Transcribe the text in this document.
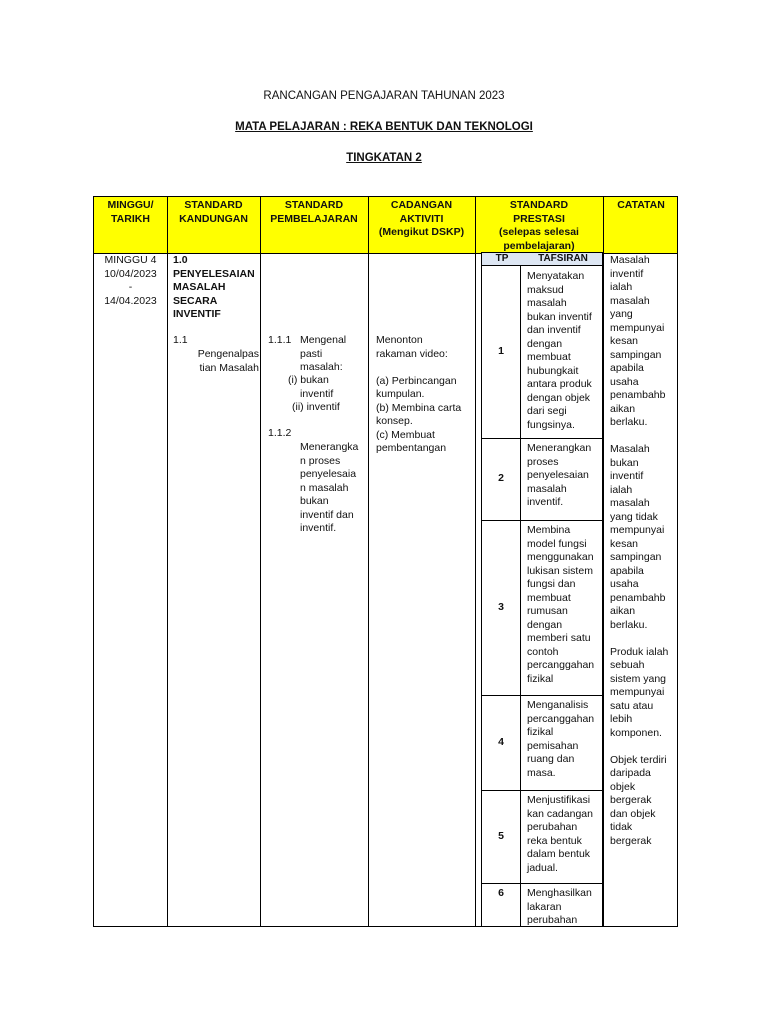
RANCANGAN PENGAJARAN TAHUNAN 2023
MATA PELAJARAN : REKA BENTUK DAN TEKNOLOGI
TINGKATAN 2
MINGGU/
TARIKH
STANDARD
KANDUNGAN
STANDARD
PEMBELAJARAN
CADANGAN
AKTIVITI
(Mengikut DSKP)
STANDARD
PRESTASI
(selepas selesai
pembelajaran)
CATATAN
MINGGU 4
10/04/2023
-
14/04.2023
1.0
PENYELESAIAN
MASALAH
SECARA
INVENTIF
1.1
Pengenalpas
tian Masalah
1.1.1 Mengenal
pasti
masalah:
(i) bukan
inventif
(ii) inventif
1.1.2
Menerangka
n proses
penyelesaia
n masalah
bukan
inventif dan
inventif.
Menonton
rakaman video:

(a) Perbincangan
kumpulan.
(b) Membina carta
konsep.
(c) Membuat
pembentangan
TP	TAFSIRAN
1
Menyatakan
maksud
masalah
bukan inventif
dan inventif
dengan
membuat
hubungkait
antara produk
dengan objek
dari segi
fungsinya.
2
Menerangkan
proses
penyelesaian
masalah
inventif.
3
Membina
model fungsi
menggunakan
lukisan sistem
fungsi dan
membuat
rumusan
dengan
memberi satu
contoh
percanggahan
fizikal
4
Menganalisis
percanggahan
fizikal
pemisahan
ruang dan
masa.
5
Menjustifikasi
kan cadangan
perubahan
reka bentuk
dalam bentuk
jadual.
6	Menghasilkan
lakaran
perubahan
Masalah
inventif
ialah
masalah
yang
mempunyai
kesan
sampingan
apabila
usaha
penambahb
aikan
berlaku.

Masalah
bukan
inventif
ialah
masalah
yang tidak
mempunyai
kesan
sampingan
apabila
usaha
penambahb
aikan
berlaku.

Produk ialah
sebuah
sistem yang
mempunyai
satu atau
lebih
komponen.

Objek terdiri
daripada
objek
bergerak
dan objek
tidak
bergerak
